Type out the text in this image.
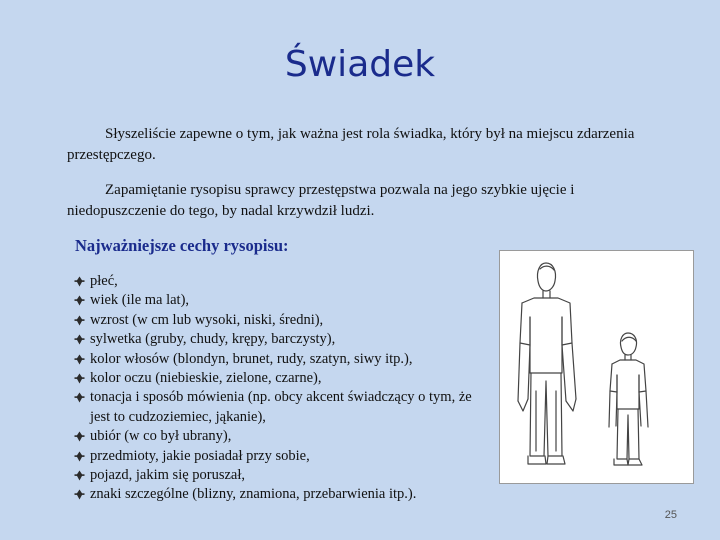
Świadek

Słyszeliście zapewne o tym, jak ważna jest rola świadka, który był na miejscu zdarzenia przestępczego.

Zapamiętanie rysopisu sprawcy przestępstwa pozwala na jego szybkie ujęcie i niedopuszczenie do tego, by nadal krzywdził ludzi.

Najważniejsze cechy rysopisu:

płeć,
wiek (ile ma lat),
wzrost (w cm lub wysoki, niski, średni),
sylwetka (gruby, chudy, krępy, barczysty),
kolor włosów (blondyn, brunet, rudy, szatyn, siwy itp.),
kolor oczu (niebieskie, zielone, czarne),
tonacja i sposób mówienia (np. obcy akcent świadczący o tym, że jest to cudzoziemiec, jąkanie),
ubiór (w co był ubrany),
przedmioty, jakie posiadał przy sobie,
pojazd, jakim się poruszał,
znaki szczególne (blizny, znamiona, przebarwienia itp.).
25
